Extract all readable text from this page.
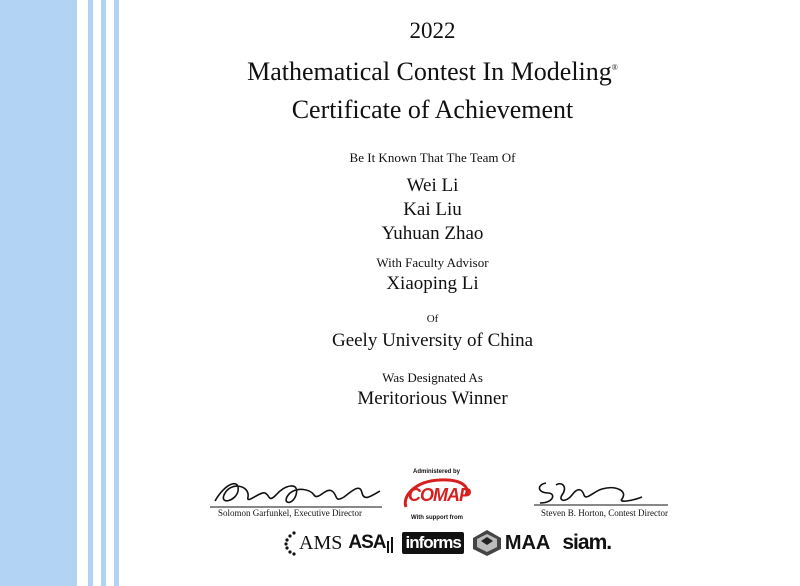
2022
Mathematical Contest In Modeling®
Certificate of Achievement
Be It Known That The Team Of
Wei Li
Kai Liu
Yuhuan Zhao
With Faculty Advisor
Xiaoping Li
Of
Geely University of China
Was Designated As
Meritorious Winner
Solomon Garfunkel, Executive Director
Administered by
COMAP
With support from	Steven B. Horton, Contest Director
AMS ASA informs MAA siam.
